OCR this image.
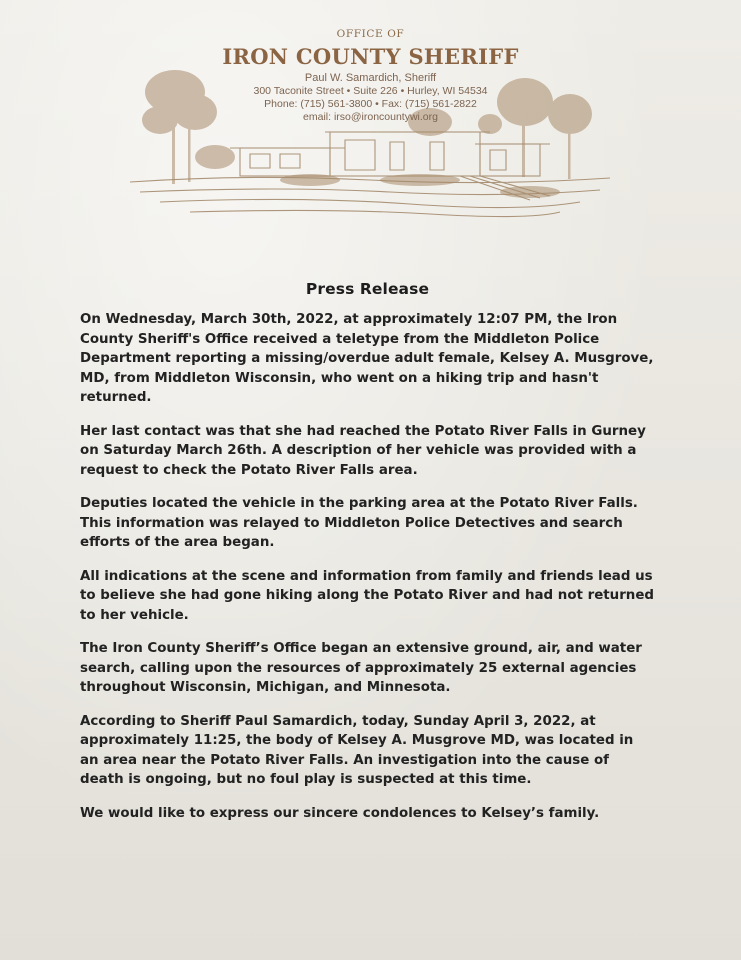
OFFICE OF
IRON COUNTY SHERIFF
Paul W. Samardich, Sheriff
300 Taconite Street • Suite 226 • Hurley, WI 54534
Phone: (715) 561-3800 • Fax: (715) 561-2822
email: irso@ironcountywi.org
Press Release

On Wednesday, March 30th, 2022, at approximately 12:07 PM, the Iron County Sheriff's Office received a teletype from the Middleton Police Department reporting a missing/overdue adult female, Kelsey A. Musgrove, MD, from Middleton Wisconsin, who went on a hiking trip and hasn't returned.

Her last contact was that she had reached the Potato River Falls in Gurney on Saturday March 26th. A description of her vehicle was provided with a request to check the Potato River Falls area.

Deputies located the vehicle in the parking area at the Potato River Falls. This information was relayed to Middleton Police Detectives and search efforts of the area began.

All indications at the scene and information from family and friends lead us to believe she had gone hiking along the Potato River and had not returned to her vehicle.

The Iron County Sheriff’s Office began an extensive ground, air, and water search, calling upon the resources of approximately 25 external agencies throughout Wisconsin, Michigan, and Minnesota.

According to Sheriff Paul Samardich, today, Sunday April 3, 2022, at approximately 11:25, the body of Kelsey A. Musgrove MD, was located in an area near the Potato River Falls. An investigation into the cause of death is ongoing, but no foul play is suspected at this time.

We would like to express our sincere condolences to Kelsey’s family.
